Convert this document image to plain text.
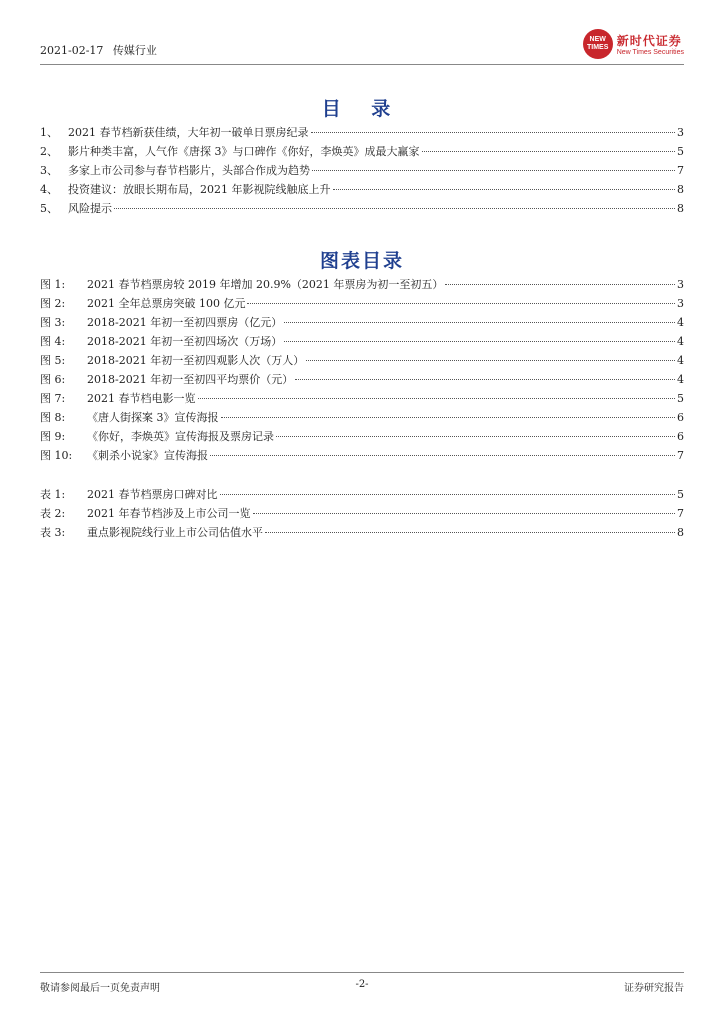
2021-02-17 传媒行业
NEW TIMES 新时代证券
New Times Securities
目 录
1、 2021 春节档新获佳绩，大年初一破单日票房纪录	3
2、 影片种类丰富，人气作《唐探 3》与口碑作《你好，李焕英》成最大赢家	5
3、 多家上市公司参与春节档影片，头部合作成为趋势	7
4、 投资建议：放眼长期布局，2021 年影视院线触底上升	8
5、 风险提示	8
图表目录
图 1:	2021 春节档票房较 2019 年增加 20.9%（2021 年票房为初一至初五）	3
图 2:	2021 全年总票房突破 100 亿元	3
图 3:	2018-2021 年初一至初四票房（亿元）	4
图 4:	2018-2021 年初一至初四场次（万场）	4
图 5:	2018-2021 年初一至初四观影人次（万人）	4
图 6:	2018-2021 年初一至初四平均票价（元）	4
图 7:	2021 春节档电影一览	5
图 8:	《唐人街探案 3》宣传海报	6
图 9:	《你好，李焕英》宣传海报及票房记录	6
图 10:	《刺杀小说家》宣传海报	7
表 1:	2021 春节档票房口碑对比	5
表 2:	2021 年春节档涉及上市公司一览	7
表 3:	重点影视院线行业上市公司估值水平	8
敬请参阅最后一页免责声明	-2-	证券研究报告
